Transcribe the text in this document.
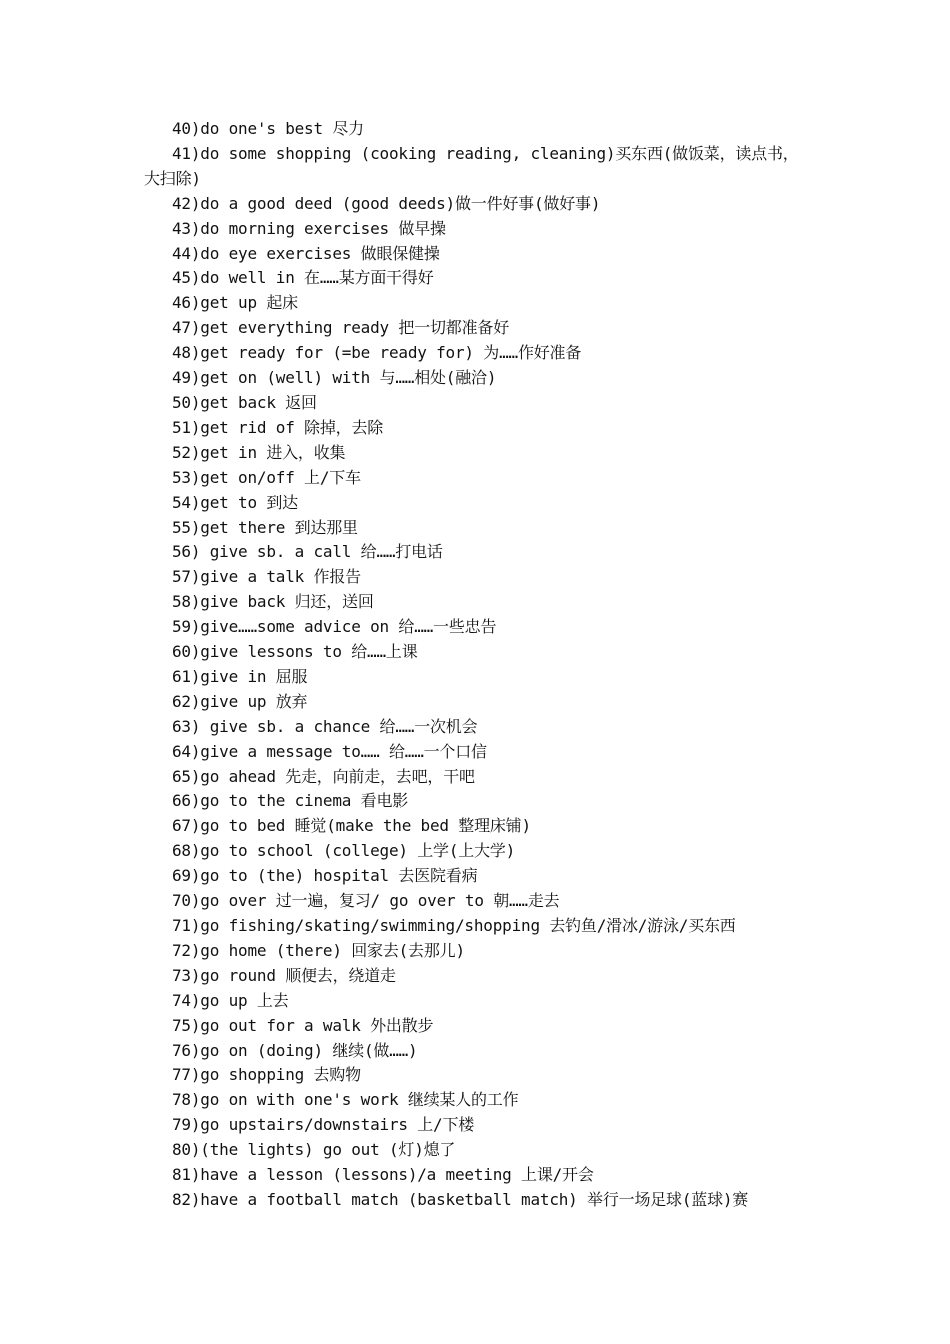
40)do one's best 尽力
41)do some shopping (cooking reading, cleaning)买东西(做饭菜，读点书，大扫除)
42)do a good deed (good deeds)做一件好事(做好事)
43)do morning exercises 做早操
44)do eye exercises 做眼保健操
45)do well in 在……某方面干得好
46)get up 起床
47)get everything ready 把一切都准备好
48)get ready for (=be ready for) 为……作好准备
49)get on (well) with 与……相处(融洽)
50)get back 返回
51)get rid of 除掉，去除
52)get in 进入，收集
53)get on/off 上/下车
54)get to 到达
55)get there 到达那里
56) give sb. a call 给……打电话
57)give a talk 作报告
58)give back 归还，送回
59)give……some advice on 给……一些忠告
60)give lessons to 给……上课
61)give in 屈服
62)give up 放弃
63) give sb. a chance 给……一次机会
64)give a message to…… 给……一个口信
65)go ahead 先走，向前走，去吧，干吧
66)go to the cinema 看电影
67)go to bed 睡觉(make the bed 整理床铺)
68)go to school (college) 上学(上大学)
69)go to (the) hospital 去医院看病
70)go over 过一遍，复习/ go over to 朝……走去
71)go fishing/skating/swimming/shopping 去钓鱼/滑冰/游泳/买东西
72)go home (there) 回家去(去那儿)
73)go round 顺便去，绕道走
74)go up 上去
75)go out for a walk 外出散步
76)go on (doing) 继续(做……)
77)go shopping 去购物
78)go on with one's work 继续某人的工作
79)go upstairs/downstairs 上/下楼
80)(the lights) go out (灯)熄了
81)have a lesson (lessons)/a meeting 上课/开会
82)have a football match (basketball match) 举行一场足球(蓝球)赛
